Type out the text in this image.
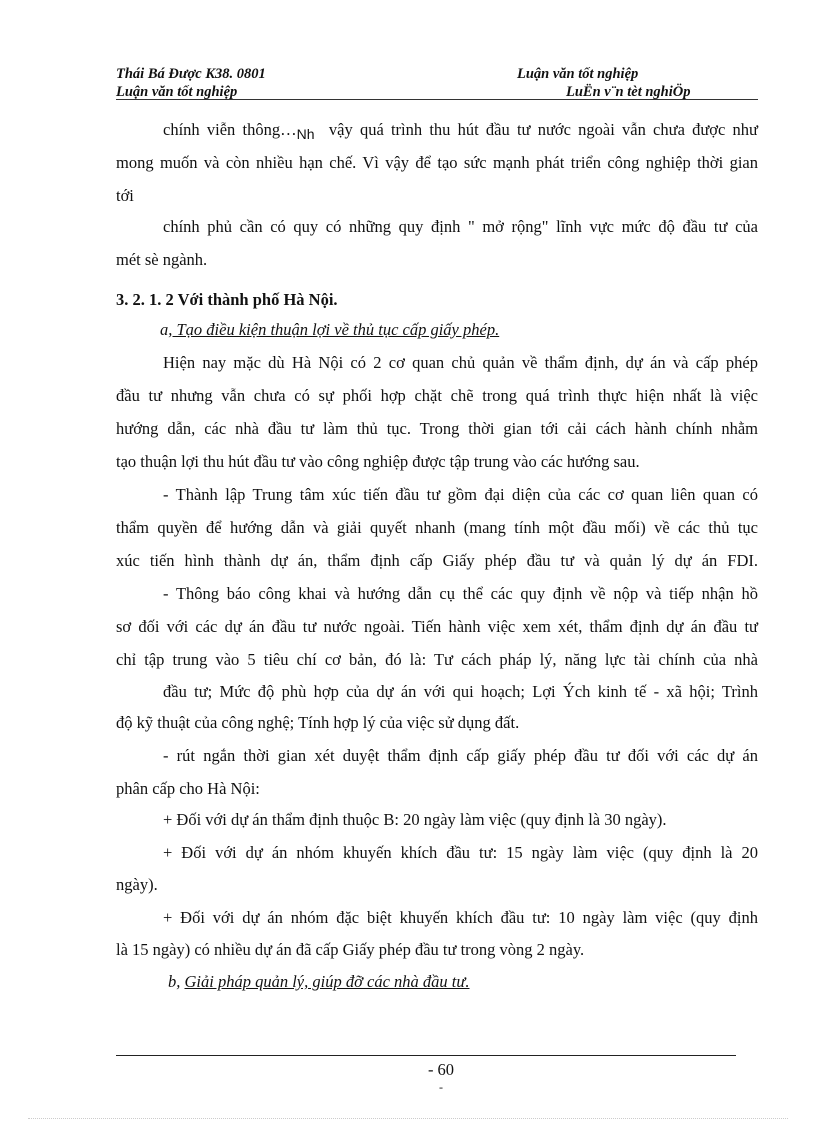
Thái Bá Được K38. 0801	Luận văn tốt nghiệp
Luận văn tốt nghiệp	LuËn v¨n tèt nghiÖp
chính viễn $thông\dots_{Nh}$ vậy quá trình thu hút đầu tư nước ngoài vẫn chưa được như
mong muốn và còn nhiều hạn chế. Vì vậy để tạo sức mạnh phát triển công nghiệp thời gian
tới
chính phủ cần có quy có những quy định " mở rộng" lĩnh vực mức độ đầu tư của
mét sè ngành.
3. 2. 1. 2 Với thành phố Hà Nội.
a, Tạo điều kiện thuận lợi về thủ tục cấp giấy phép.
Hiện nay mặc dù Hà Nội có 2 cơ quan chủ quản về thẩm định, dự án và cấp phép
đầu tư nhưng vẫn chưa có sự phối hợp chặt chẽ trong quá trình thực hiện nhất là việc
hướng dẫn, các nhà đầu tư làm thủ tục. Trong thời gian tới cải cách hành chính nhằm
tạo thuận lợi thu hút đầu tư vào công nghiệp được tập trung vào các hướng sau.
- Thành lập Trung tâm xúc tiến đầu tư gồm đại diện của các cơ quan liên quan có
thẩm quyền để hướng dẫn và giải quyết nhanh (mang tính một đầu mối) về các thủ tục
xúc tiến hình thành dự án, thẩm định cấp Giấy phép đầu tư và quản lý dự án FDI.
- Thông báo công khai và hướng dẫn cụ thể các quy định về nộp và tiếp nhận hồ
sơ đối với các dự án đầu tư nước ngoài. Tiến hành việc xem xét, thẩm định dự án đầu tư
chỉ tập trung vào 5 tiêu chí cơ bản, đó là: Tư cách pháp lý, năng lực tài chính của nhà
đầu tư; Mức độ phù hợp của dự án với qui hoạch; Lợi Ých kinh tế - xã hội; Trình
độ kỹ thuật của công nghệ; Tính hợp lý của việc sử dụng đất.
- rút ngắn thời gian xét duyệt thẩm định cấp giấy phép đầu tư đối với các dự án
phân cấp cho Hà Nội:
+ Đối với dự án thẩm định thuộc B: 20 ngày làm việc (quy định là 30 ngày).
+ Đối với dự án nhóm khuyến khích đầu tư: 15 ngày làm việc (quy định là 20
ngày).
+ Đối với dự án nhóm đặc biệt khuyến khích đầu tư: 10 ngày làm việc (quy định
là 15 ngày) có nhiều dự án đã cấp Giấy phép đầu tư trong vòng 2 ngày.
b, Giải pháp quản lý, giúp đỡ các nhà đầu tư.
- 60
-
